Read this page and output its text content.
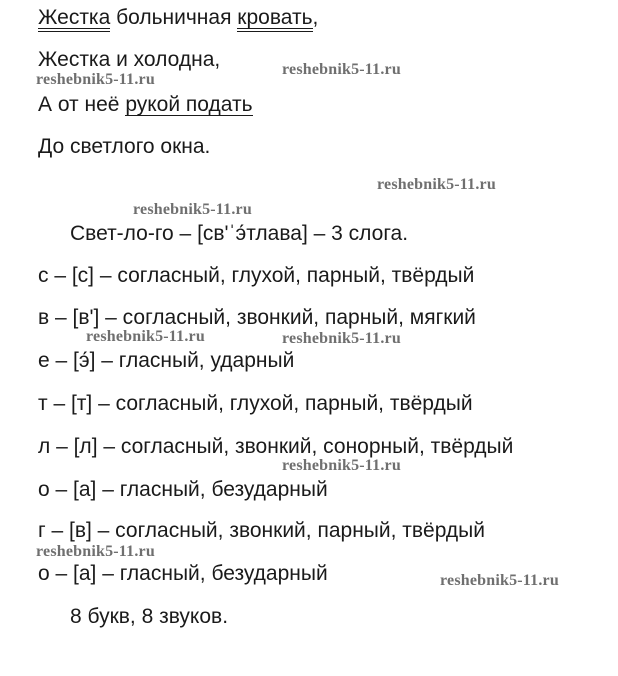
Жестка больничная кровать,
Жестка и холодна,
А от неё рукой подать
До светлого окна.
Свет-ло-го – [св'ˈэ́тлава] – 3 слога.
с – [с] – согласный, глухой, парный, твёрдый
в – [в'] – согласный, звонкий, парный, мягкий
е – [э́] – гласный, ударный
т – [т] – согласный, глухой, парный, твёрдый
л – [л] – согласный, звонкий, сонорный, твёрдый
о – [а] – гласный, безударный
г – [в] – согласный, звонкий, парный, твёрдый
о – [а] – гласный, безударный
8 букв, 8 звуков.
reshebnik5-11.ru
reshebnik5-11.ru
reshebnik5-11.ru
reshebnik5-11.ru
reshebnik5-11.ru	reshebnik5-11.ru
reshebnik5-11.ru
reshebnik5-11.ru
reshebnik5-11.ru
